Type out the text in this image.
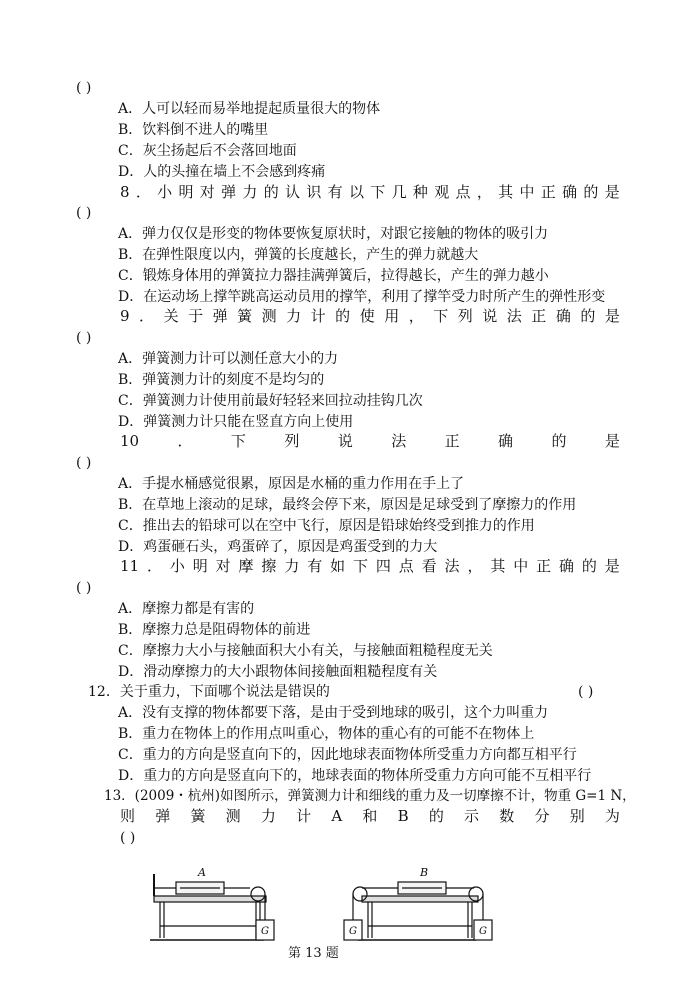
( )
A．人可以轻而易举地提起质量很大的物体
B．饮料倒不进人的嘴里
C．灰尘扬起后不会落回地面
D．人的头撞在墙上不会感到疼痛
8 ． 小 明 对 弹 力 的 认 识 有 以 下 几 种 观 点 ， 其 中 正 确 的 是
( )
A．弹力仅仅是形变的物体要恢复原状时，对跟它接触的物体的吸引力
B．在弹性限度以内，弹簧的长度越长，产生的弹力就越大
C．锻炼身体用的弹簧拉力器挂满弹簧后，拉得越长，产生的弹力越小
D．在运动场上撑竿跳高运动员用的撑竿，利用了撑竿受力时所产生的弹性形变
9 ． 关 于 弹 簧 测 力 计 的 使 用 ， 下 列 说 法 正 确 的 是
( )
A．弹簧测力计可以测任意大小的力
B．弹簧测力计的刻度不是均匀的
C．弹簧测力计使用前最好轻轻来回拉动挂钩几次
D．弹簧测力计只能在竖直方向上使用
10	．	下	列	说	法	正	确	的	是
( )
A．手提水桶感觉很累，原因是水桶的重力作用在手上了
B．在草地上滚动的足球，最终会停下来，原因是足球受到了摩擦力的作用
C．推出去的铅球可以在空中飞行，原因是铅球始终受到推力的作用
D．鸡蛋砸石头，鸡蛋碎了，原因是鸡蛋受到的力大
11 ． 小 明 对 摩 擦 力 有 如 下 四 点 看 法 ， 其 中 正 确 的 是
( )
A．摩擦力都是有害的
B．摩擦力总是阻碍物体的前进
C．摩擦力大小与接触面积大小有关，与接触面粗糙程度无关
D．滑动摩擦力的大小跟物体间接触面粗糙程度有关
12．关于重力，下面哪个说法是错误的	( )
A．没有支撑的物体都要下落，是由于受到地球的吸引，这个力叫重力
B．重力在物体上的作用点叫重心，物体的重心有的可能不在物体上
C．重力的方向是竖直向下的，因此地球表面物体所受重力方向都互相平行
D．重力的方向是竖直向下的，地球表面的物体所受重力方向可能不互相平行
13．(2009・杭州)如图所示，弹簧测力计和细线的重力及一切摩擦不计，物重 G=1 N，
则 弹 簧 测 力 计 A 和 B 的 示 数 分 别 为
( )
A	B
G	G	G
第 13 题
